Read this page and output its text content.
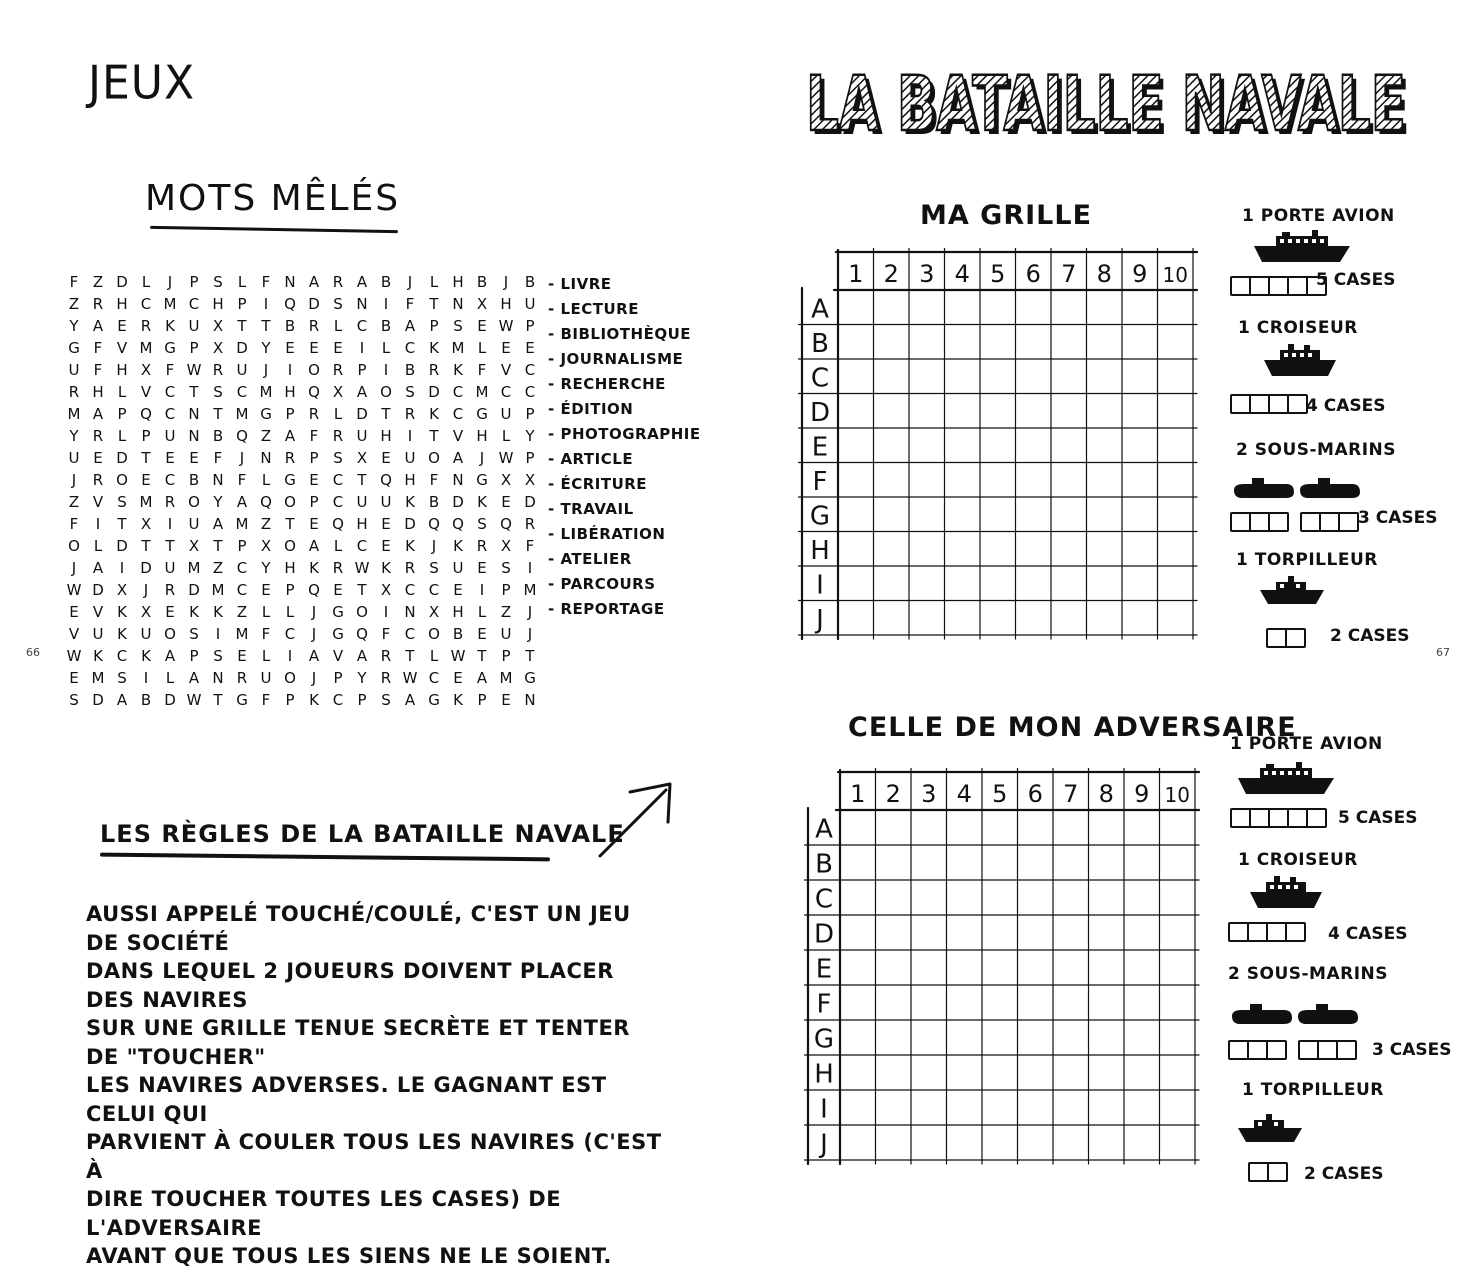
JEUX
MOTS MÊLÉS
F Z D L	J	P S	L	F N A R A B	J	L H B	J	B
Z R H C M C H P	I	Q D S N	I	F	T N X H U
Y A E R K U X T T B R L C B A P S E W P
G F V M G P X D Y E E E	I	L C K M L	E E
U F H X F W R U	J	I	O R P	I	B R K F V C
R H L V C T S C M H Q X A O S D C M C C
M A P Q C N T M G P R L D T R K C G U P
Y R L	P U N B Q Z A F R U H	I	T V H L	Y
U E D T E E F	J	N R P S X E U O A	J W P
J	R O E C B N F	L G E C T Q H F N G X X
Z V S M R O Y A Q O P C U U K B D K E D
F	I	T X	I	U A M Z T E Q H E D Q Q S Q R
O L D T T X T P X O A L C E K	J	K R X F
J	A	I	D U M Z C Y H K R W K R S U E S	I
W D X	J	R D M C E P Q E T X C C E	I	P M
E V K X E K K Z L	L	J	G O	I	N X H L Z	J
V U K U O S	I	M F C	J	G Q F C O B E U	J
W K C K A P S E	L	I	A V A R T	L W T P T
E M S	I	L A N R U O	J	P Y R W C E A M G
S D A B D W T G F	P K C P S A G K P E N
- LIVRE
- LECTURE
- BIBLIOTHÈQUE
- JOURNALISME
- RECHERCHE
- ÉDITION
- PHOTOGRAPHIE
- ARTICLE
- ÉCRITURE
- TRAVAIL
- LIBÉRATION
- ATELIER
- PARCOURS
- REPORTAGE
66
LES RÈGLES DE LA BATAILLE NAVALE
AUSSI APPELÉ TOUCHÉ/COULÉ, C'EST UN JEU DE SOCIÉTÉ
DANS LEQUEL 2 JOUEURS DOIVENT PLACER DES NAVIRES
SUR UNE GRILLE TENUE SECRÈTE ET TENTER DE "TOUCHER"
LES NAVIRES ADVERSES. LE GAGNANT EST CELUI QUI
PARVIENT À COULER TOUS LES NAVIRES (C'EST À
DIRE TOUCHER TOUTES LES CASES) DE L'ADVERSAIRE
AVANT QUE TOUS LES SIENS NE LE SOIENT.
LA BATAILLE NAVALE
LA BATAILLE NAVALE
67
MA GRILLE
1 2 3 4 5 6 7 8 9 10
A
B
C
D
E
F
G
H
I
J
CELLE DE MON ADVERSAIRE
1 2 3 4 5 6 7 8 9 10
A
B
C
D
E
F
G
H
I
J
1 PORTE AVION
5 CASES
1 CROISEUR
4 CASES
2 SOUS-MARINS
3 CASES
1 TORPILLEUR
2 CASES
1 PORTE AVION
5 CASES
1 CROISEUR
4 CASES
2 SOUS-MARINS
3 CASES
1 TORPILLEUR
2 CASES
